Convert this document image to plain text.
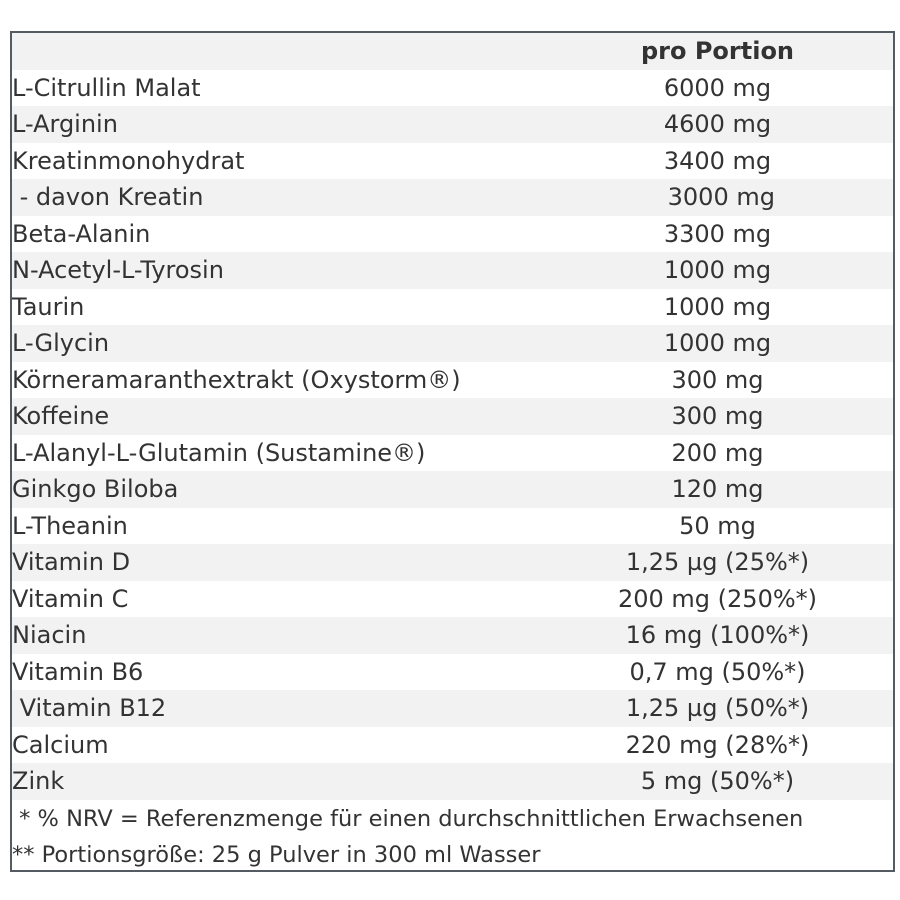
pro Portion
L-Citrullin Malat	6000 mg
L-Arginin	4600 mg
Kreatinmonohydrat	3400 mg
- davon Kreatin	3000 mg
Beta-Alanin	3300 mg
N-Acetyl-L-Tyrosin	1000 mg
Taurin	1000 mg
L-Glycin	1000 mg
Körneramaranthextrakt (Oxystorm®)	300 mg
Koffeine	300 mg
L-Alanyl-L-Glutamin (Sustamine®)	200 mg
Ginkgo Biloba	120 mg
L-Theanin	50 mg
Vitamin D	1,25 µg (25%*)
Vitamin C	200 mg (250%*)
Niacin	16 mg (100%*)
Vitamin B6	0,7 mg (50%*)
Vitamin B12	1,25 µg (50%*)
Calcium	220 mg (28%*)
Zink	5 mg (50%*)
* % NRV = Referenzmenge für einen durchschnittlichen Erwachsenen
** Portionsgröße: 25 g Pulver in 300 ml Wasser
